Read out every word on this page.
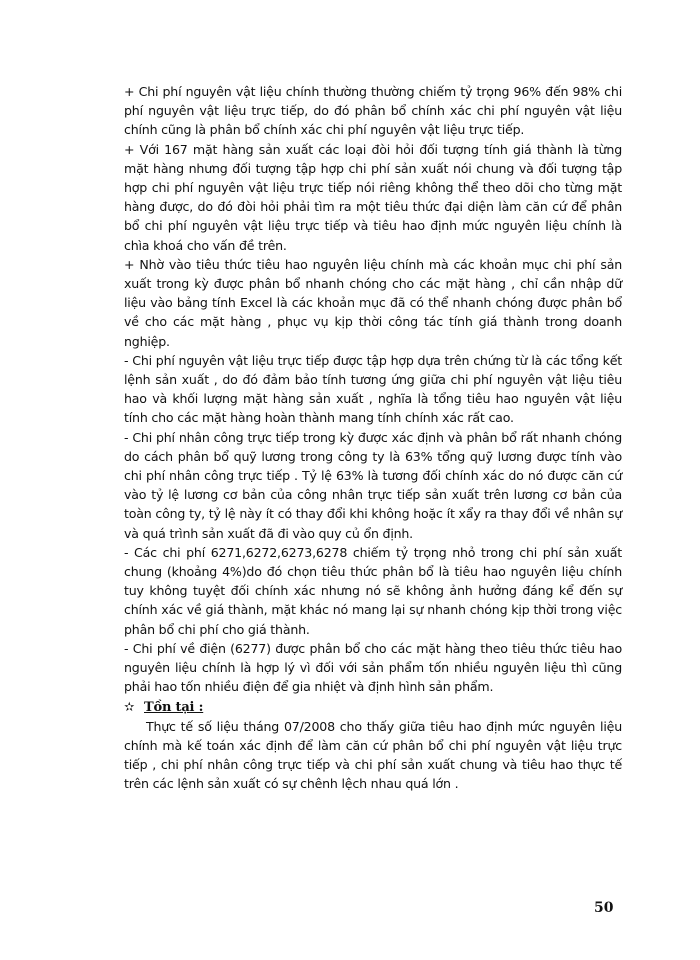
+ Chi phí nguyên vật liệu chính thường thường chiếm tỷ trọng 96% đến 98% chi phí nguyên vật liệu trực tiếp, do đó phân bổ chính xác chi phí nguyên vật liệu chính cũng là phân bổ chính xác chi phí nguyên vật liệu trực tiếp.

+ Với 167 mặt hàng sản xuất các loại đòi hỏi đối tượng tính giá thành là từng mặt hàng nhưng đối tượng tập hợp chi phí sản xuất nói chung và đối tượng tập hợp chi phí nguyên vật liệu trực tiếp nói riêng không thể theo dõi cho từng mặt hàng được, do đó đòi hỏi phải tìm ra một tiêu thức đại diện làm căn cứ để phân bổ chi phí nguyên vật liệu trực tiếp và tiêu hao định mức nguyên liệu chính là chìa khoá cho vấn đề trên.

+ Nhờ vào tiêu thức tiêu hao nguyên liệu chính mà các khoản mục chi phí sản xuất trong kỳ được phân bổ nhanh chóng cho các mặt hàng , chỉ cần nhập dữ liệu vào bảng tính Excel là các khoản mục đã có thể nhanh chóng được phân bổ về cho các mặt hàng , phục vụ kịp thời công tác tính giá thành trong doanh nghiệp.

- Chi phí nguyên vật liệu trực tiếp được tập hợp dựa trên chứng từ là các tổng kết lệnh sản xuất , do đó đảm bảo tính tương ứng giữa chi phí nguyên vật liệu tiêu hao và khối lượng mặt hàng sản xuất , nghĩa là tổng tiêu hao nguyên vật liệu tính cho các mặt hàng hoàn thành mang tính chính xác rất cao.

- Chi phí nhân công trực tiếp trong kỳ được xác định và phân bổ rất nhanh chóng do cách phân bổ quỹ lương trong công ty là 63% tổng quỹ lương được tính vào chi phí nhân công trực tiếp . Tỷ lệ 63% là tương đối chính xác do nó được căn cứ vào tỷ lệ lương cơ bản của công nhân trực tiếp sản xuất trên lương cơ bản của toàn công ty, tỷ lệ này ít có thay đổi khi không hoặc ít xẩy ra thay đổi về nhân sự và quá trình sản xuất đã đi vào quy củ ổn định.

- Các chi phí 6271,6272,6273,6278 chiếm tỷ trọng nhỏ trong chi phí sản xuất chung (khoảng 4%)do đó chọn tiêu thức phân bổ là tiêu hao nguyên liệu chính tuy không tuyệt đối chính xác nhưng nó sẽ không ảnh hưởng đáng kể đến sự chính xác về giá thành, mặt khác nó mang lại sự nhanh chóng kịp thời trong việc phân bổ chi phí cho giá thành.

- Chi phí về điện (6277) được phân bổ cho các mặt hàng theo tiêu thức tiêu hao nguyên liệu chính là hợp lý vì đối với sản phẩm tốn nhiều nguyên liệu thì cũng phải hao tốn nhiều điện để gia nhiệt và định hình sản phẩm.

✫ Tồn tại :

Thực tế số liệu tháng 07/2008 cho thấy giữa tiêu hao định mức nguyên liệu chính mà kế toán xác định để làm căn cứ phân bổ chi phí nguyên vật liệu trực tiếp , chi phí nhân công trực tiếp và chi phí sản xuất chung và tiêu hao thực tế trên các lệnh sản xuất có sự chênh lệch nhau quá lớn .

50
